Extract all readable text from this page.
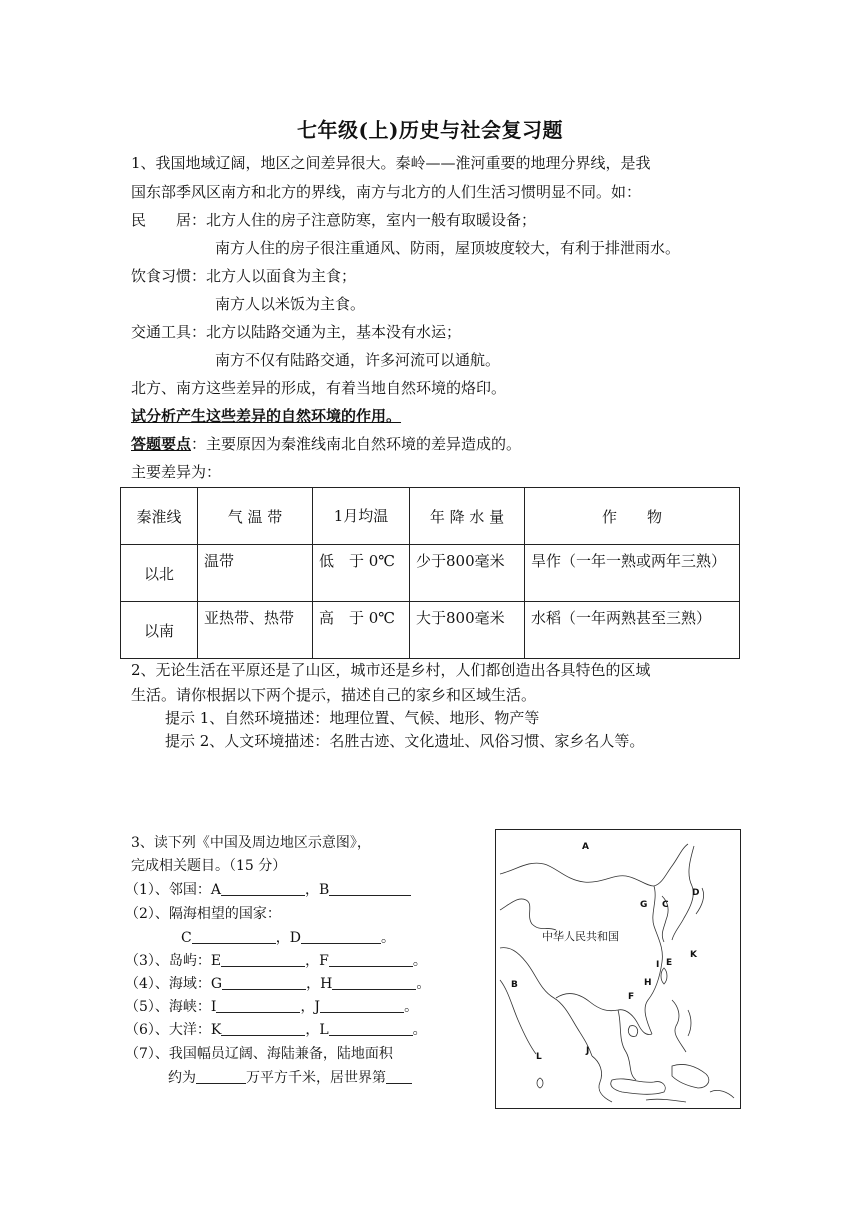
七年级(上)历史与社会复习题
1、我国地域辽阔，地区之间差异很大。秦岭——淮河重要的地理分界线，是我
国东部季风区南方和北方的界线，南方与北方的人们生活习惯明显不同。如：
民　　居：北方人住的房子注意防寒，室内一般有取暖设备；
南方人住的房子很注重通风、防雨，屋顶坡度较大，有利于排泄雨水。
饮食习惯：北方人以面食为主食；
南方人以米饭为主食。
交通工具：北方以陆路交通为主，基本没有水运；
南方不仅有陆路交通，许多河流可以通航。
北方、南方这些差异的形成，有着当地自然环境的烙印。
试分析产生这些差异的自然环境的作用。
答题要点：主要原因为秦淮线南北自然环境的差异造成的。
主要差异为：
秦淮线	气 温 带	1月均温	年 降 水 量	作　　物
以北	温带	低　于 0℃	少于800毫米	旱作（一年一熟或两年三熟）
以南	亚热带、热带	高　于 0℃	大于800毫米	水稻（一年两熟甚至三熟）
2、无论生活在平原还是了山区，城市还是乡村，人们都创造出各具特色的区域
生活。请你根据以下两个提示，描述自己的家乡和区域生活。
提示 1、自然环境描述：地理位置、气候、地形、物产等
提示 2、人文环境描述：名胜古迹、文化遗址、风俗习惯、家乡名人等。
3、读下列《中国及周边地区示意图》，
完成相关题目。（15 分）
（1）、邻国：A	，B
（2）、隔海相望的国家：
C	，D	。
（3）、岛屿：E	，F	。
（4）、海域：G	，H	。
（5）、海峡：I	，J	。
（6）、大洋：K	，L	。
（7）、我国幅员辽阔、海陆兼备，陆地面积
约为	万平方千米，居世界第
中华人民共和国
A
B
C
D
E
F
G
H
I
J
K
L
